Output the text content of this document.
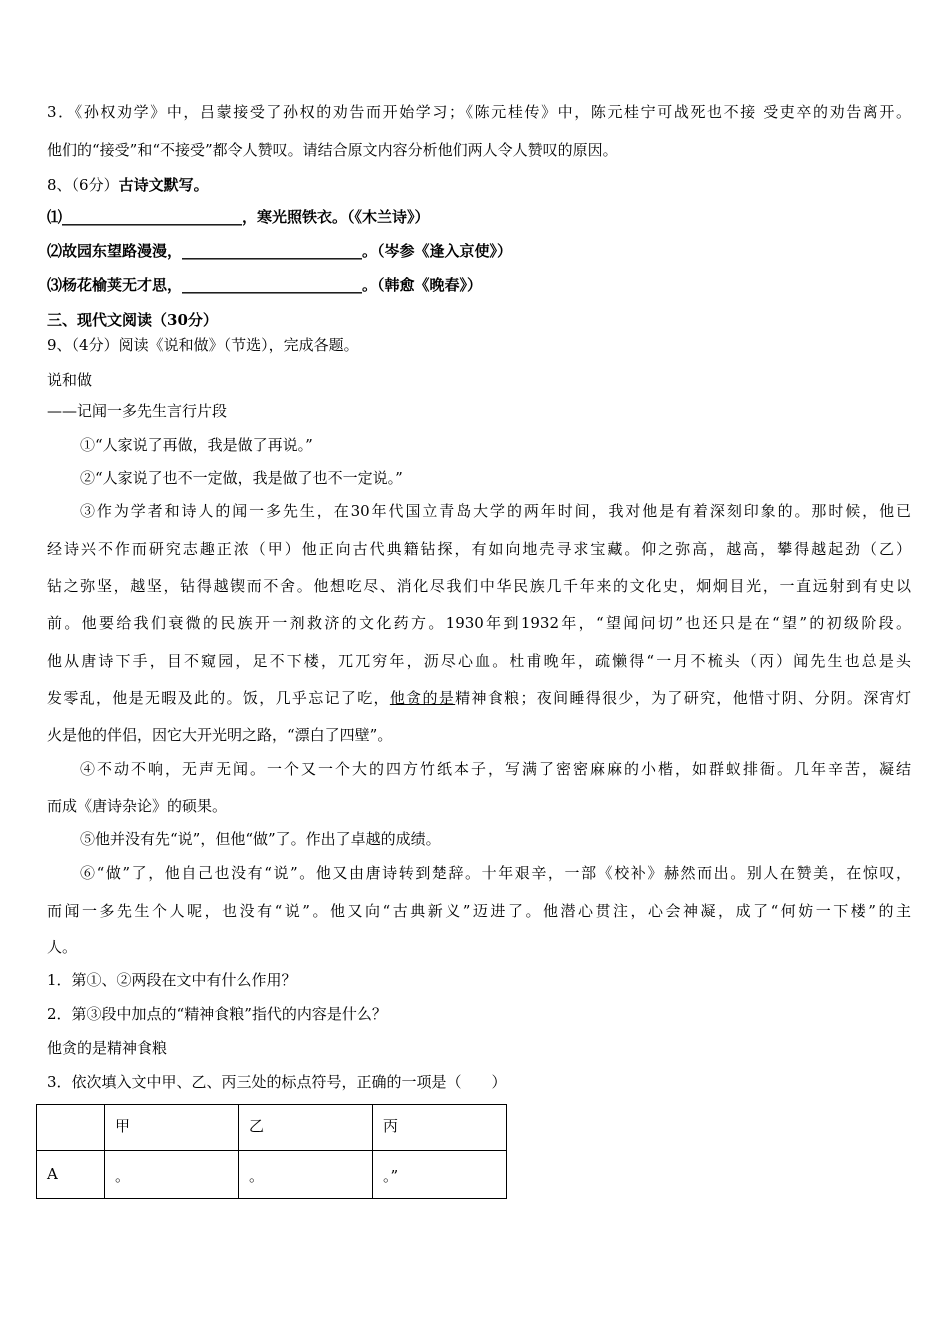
3．《孙权劝学》中，吕蒙接受了孙权的劝告而开始学习；《陈元桂传》中，陈元桂宁可战死也不接 受吏卒的劝告离开。
他们的“接受”和“不接受”都令人赞叹。请结合原文内容分析他们两人令人赞叹的原因。
8、（6分）古诗文默写。
⑴________________________，寒光照铁衣。（《木兰诗》）
⑵故园东望路漫漫，________________________。（岑参《逢入京使》）
⑶杨花榆荚无才思，________________________。（韩愈《晚春》）
三、现代文阅读（30分）
9、（4分）阅读《说和做》（节选），完成各题。
说和做
——记闻一多先生言行片段
①“人家说了再做，我是做了再说。”
②“人家说了也不一定做，我是做了也不一定说。”
③作为学者和诗人的闻一多先生，在30年代国立青岛大学的两年时间，我对他是有着深刻印象的。那时候，他已
经诗兴不作而研究志趣正浓（甲）他正向古代典籍钻探，有如向地壳寻求宝藏。仰之弥高，越高，攀得越起劲（乙）
钻之弥坚，越坚，钻得越锲而不舍。他想吃尽、消化尽我们中华民族几千年来的文化史，炯炯目光，一直远射到有史以
前。他要给我们衰微的民族开一剂救济的文化药方。1930年到1932年，“望闻问切”也还只是在“望”的初级阶段。
他从唐诗下手，目不窥园，足不下楼，兀兀穷年，沥尽心血。杜甫晚年，疏懒得“一月不梳头（丙）闻先生也总是头
发零乱，他是无暇及此的。饭，几乎忘记了吃，他贪的是精神食粮；夜间睡得很少，为了研究，他惜寸阴、分阴。深宵灯
火是他的伴侣，因它大开光明之路，“漂白了四壁”。
④不动不响，无声无闻。一个又一个大的四方竹纸本子，写满了密密麻麻的小楷，如群蚁排衙。几年辛苦，凝结
而成《唐诗杂论》的硕果。
⑤他并没有先“说”，但他“做”了。作出了卓越的成绩。
⑥“做”了，他自己也没有“说”。他又由唐诗转到楚辞。十年艰辛，一部《校补》赫然而出。别人在赞美，在惊叹，
而闻一多先生个人呢，也没有“说”。他又向“古典新义”迈进了。他潜心贯注，心会神凝，成了“何妨一下楼”的主
人。
1．第①、②两段在文中有什么作用？
2．第③段中加点的“精神食粮”指代的内容是什么？
他贪的是精神食粮
3．依次填入文中甲、乙、丙三处的标点符号，正确的一项是（　　）
	甲	乙	丙
A	。	。	。”
